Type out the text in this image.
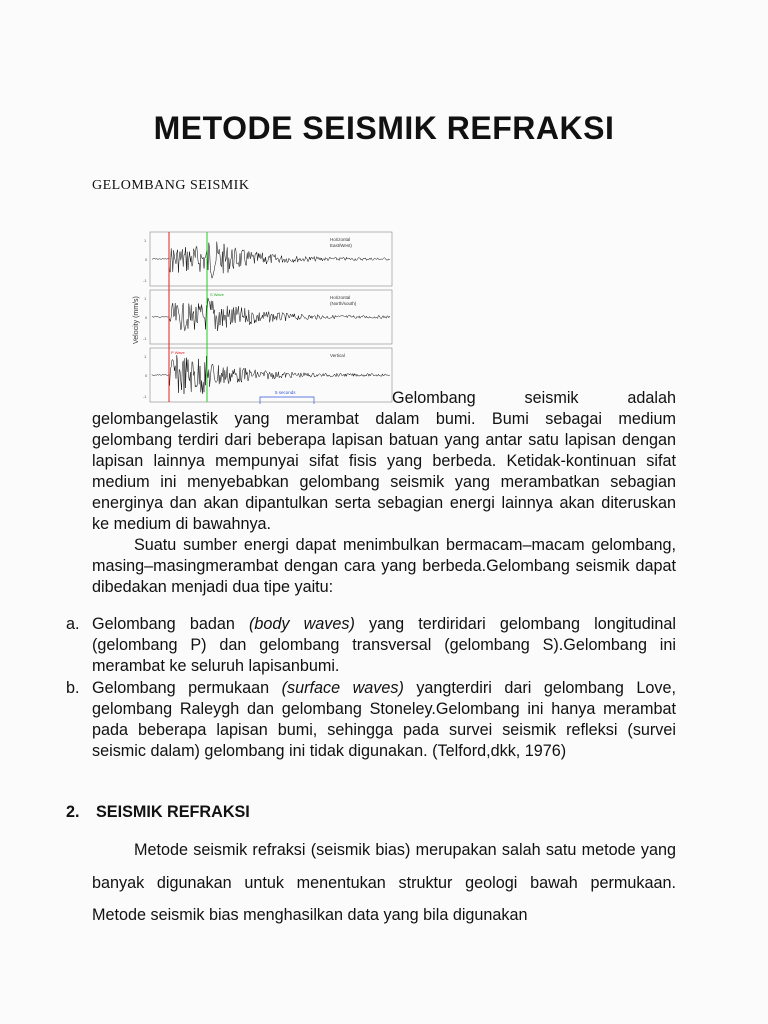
METODE SEISMIK REFRAKSI
GELOMBANG SEISMIK
Velocity (mm/s)
1
0
-1
Horizontal
East/West)
1
0
-1
Horizontal
(North/south)
1
0
-1
Vertical
S Wave
P Wave
5 seconds	Gelombang seismik adalah gelombangelastik yang merambat dalam bumi. Bumi sebagai medium gelombang terdiri dari beberapa lapisan batuan yang antar satu lapisan dengan lapisan lainnya mempunyai sifat fisis yang berbeda. Ketidak-kontinuan sifat medium ini menyebabkan gelombang seismik yang merambatkan sebagian energinya dan akan dipantulkan serta sebagian energi lainnya akan diteruskan ke medium di bawahnya.

Suatu sumber energi dapat menimbulkan bermacam–macam gelombang, masing–masingmerambat dengan cara yang berbeda.Gelombang seismik dapat dibedakan menjadi dua tipe yaitu:

a. Gelombang badan (body waves) yang terdiridari gelombang longitudinal (gelombang P) dan gelombang transversal (gelombang S).Gelombang ini merambat ke seluruh lapisanbumi.
b. Gelombang permukaan (surface waves) yangterdiri dari gelombang Love, gelombang Raleygh dan gelombang Stoneley.Gelombang ini hanya merambat pada beberapa lapisan bumi, sehingga pada survei seismik refleksi (survei seismic dalam) gelombang ini tidak digunakan. (Telford,dkk, 1976)
2. SEISMIK REFRAKSI

Metode seismik refraksi (seismik bias) merupakan salah satu metode yang banyak digunakan untuk menentukan struktur geologi bawah permukaan. Metode seismik bias menghasilkan data yang bila digunakan
